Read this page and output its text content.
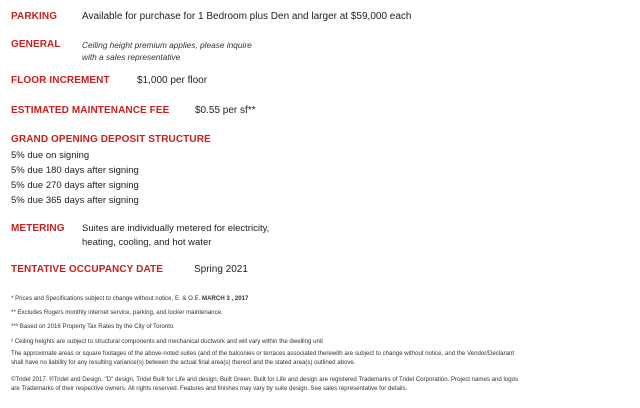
PARKING Available for purchase for 1 Bedroom plus Den and larger at $59,000 each
GENERAL	Ceiling height premium applies, please inquire
with a sales representative
FLOOR INCREMENT	$1,000 per floor
ESTIMATED MAINTENANCE FEE	$0.55 per sf**
GRAND OPENING DEPOSIT STRUCTURE
5% due on signing
5% due 180 days after signing
5% due 270 days after signing
5% due 365 days after signing
METERING Suites are individually metered for electricity,
heating, cooling, and hot water
TENTATIVE OCCUPANCY DATE	Spring 2021
* Prices and Specifications subject to change without notice, E. & O.E. MARCH 3 , 2017
** Excludes Rogers monthly internet service, parking, and locker maintenance.
*** Based on 2016 Property Tax Rates by the City of Toronto
² Ceiling heights are subject to structural components and mechanical ductwork and will vary within the dwelling unit
The approximate areas or square footages of the above-noted suites (and of the balconies or terraces associated therewith are subject to change without notice, and the Vendor/Declarant
shall have no liability for any resulting variance(s) between the actual final area(s) thereof and the stated area(s) outlined above.
©Tridel 2017. ®Tridel and Design, "D" design, Tridel Built for Life and design, Built Green. Built for Life and design are registered Trademarks of Tridel Corporation. Project names and logos
are Trademarks of their respective owners. All rights reserved. Features and finishes may vary by suite design. See sales representative for details.
